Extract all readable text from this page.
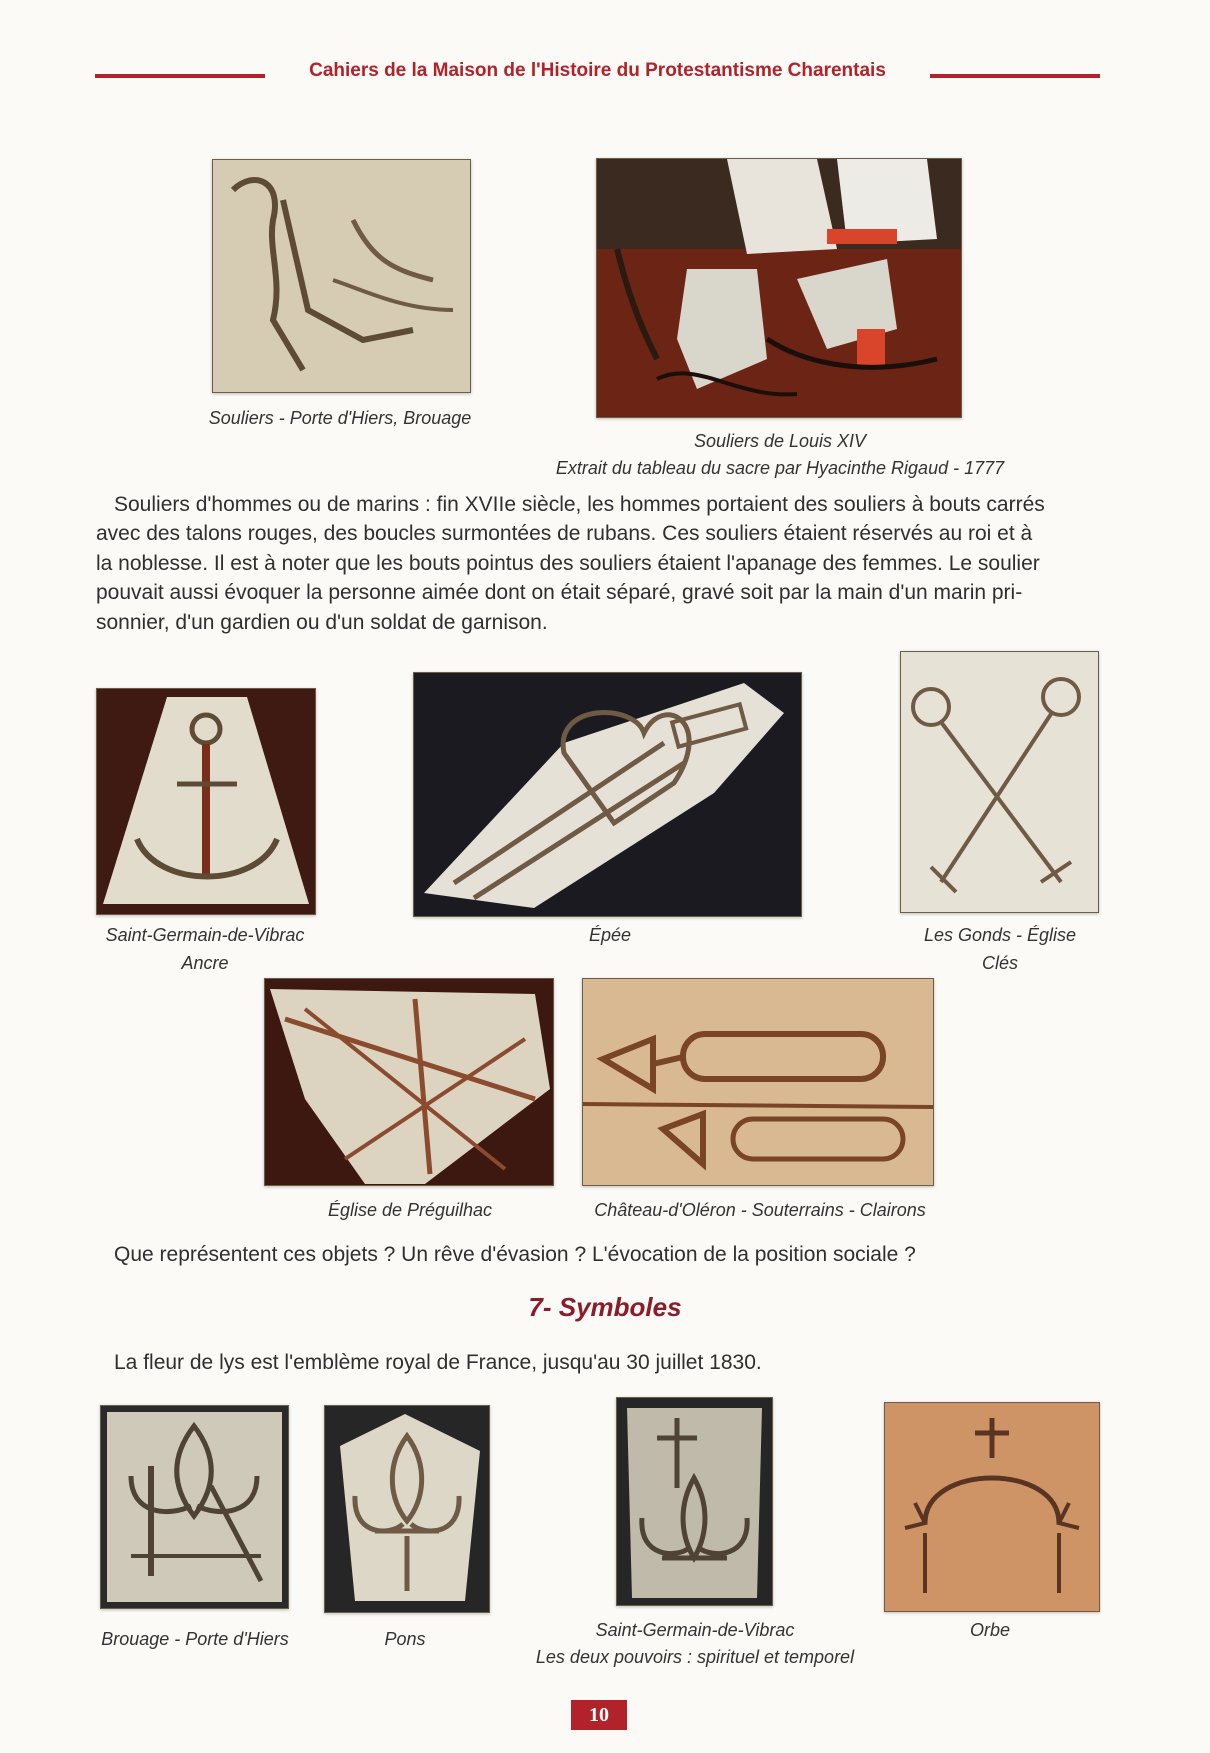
Cahiers de la Maison de l'Histoire du Protestantisme Charentais
Souliers - Porte d'Hiers, Brouage
Souliers de Louis XIV
Extrait du tableau du sacre par Hyacinthe Rigaud - 1777
Souliers d'hommes ou de marins : fin XVIIe siècle, les hommes portaient des souliers à bouts carrés
avec des talons rouges, des boucles surmontées de rubans. Ces souliers étaient réservés au roi et à
la noblesse. Il est à noter que les bouts pointus des souliers étaient l'apanage des femmes. Le soulier
pouvait aussi évoquer la personne aimée dont on était séparé, gravé soit par la main d'un marin pri-
sonnier, d'un gardien ou d'un soldat de garnison.
Saint-Germain-de-Vibrac
Ancre
Épée	Les Gonds - Église
Clés
Église de Préguilhac	Château-d'Oléron - Souterrains - Clairons
Que représentent ces objets ? Un rêve d'évasion ? L'évocation de la position sociale ?
7- Symboles
La fleur de lys est l'emblème royal de France, jusqu'au 30 juillet 1830.
Brouage - Porte d'Hiers	Pons	Saint-Germain-de-Vibrac
Les deux pouvoirs : spirituel et temporel
Orbe
10
